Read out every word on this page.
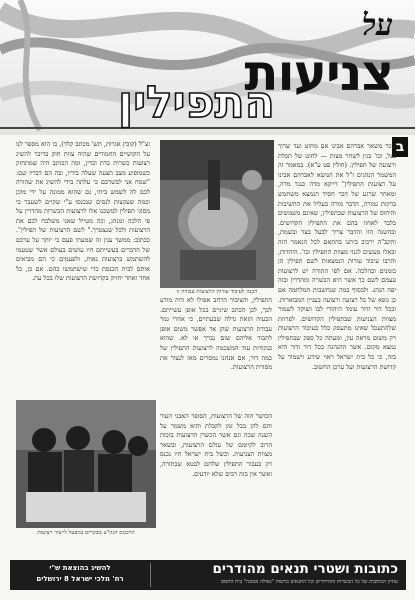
על
צניעות
התפילין
ב
שכר משאר אברהם אבינו אם מחוט ועד שרוך נעל, וכו' בגין לשחר מצות — לחוט של תכלת ורצועה של תפילין. (חולין פט ע"א). במאמר זה המשמר הנהגים ז"ל את הנושא לאברהם אבינו על רצועות התפילין" דייקא מדה כנגד מדה, ומאחר שרגע של דבר חסיד הנמצא משתמש בדקות גמורה, הדבר מורה בעליל את החשיבות והיחוס של הרצועות שבתפילין, שאינם משמשים בלבד לאחוז בהם את התפילין הקדושים. ובהשנה הזו והדבר צריך לבעל בצד ובשמת, והקב"ה ירכיב ביתנו בהתאם לכל הנאמר הזה ובאלו מעשים לגנזי מצוות התפילין וכו'. היהדות, והרבו עיבוד עורות הנמצאות לשם תפילין הן בזמנים ובהלכה. אם לפי התורה יש לרצועות עצמם לשם כך אשר היא הכשרה ומהדרין ובזה יפה הנהג. ולבסוף במה שנחשבות המלחמה אם כן גופא של כל רצועה ורצועה בעניין המבוארות. ובכל דור ודור עומד היהודי לבו ושוקד לשמור מצוות הצניעות שבתפילין הקדושים. לפרוזת שלהתעכל שאינו מתעסק כלל בעיבוד הרצועות רק משום מראה עין, ומעתה כל ספק שבתפילין נמצא מקום. אשר ההנהגה בכל דור ודור היא בזה, כי כל בית ישראל ראוי שידע וישמור על קדושת הרצועות ועל ערכן החשוב.
הכנה לעיבוד עורות הרצועות עבודה זו
התפילין, והציבור הרחב אפילו לא היה מודע לכך, לכן הכתב שיניים בכל אופן עשייתם. הבעיה הזאת גדלה שבעתיים, כי אחרי גמר עבודת הרצועות שהן אר אפשר משום אופן לתבור אליהם שום נברך או לא. שהוא בנקודות עוד המשכמה לרצועות התפילין של כמה דור, אם אנחנו נמסרים מאז לנצור את מסורת הרצועות.
הכושר הזה של הרצועות, הסופר האבני העור והם להן בכל זמן לקבלת והוא משמר על השנה שכה וגם אשר הכשרן הרצועות בזכות הרוב לקיומם של עולם הרצועות, ובשאר מצוות הצניעות. וכשל בית ישראל היו נכנס רק בעבור התפילין שלהם לבטא שבתורה, ואשר אין בזה רבים שלא יודעים.
זצ"ל (קובץ אגרות, תש' מכתב קלד), בו הוא מספר לנו על הקושיים החמורים שהיה צוות חוק בדיבר להשיג רצועות כשרות כדת וכדין, ומה הכותב היה שמתחזק כשמופיע מצב הצעה שעלה בידיו, וכה הם דבריו שם: "שמח אני לבשרכם כי עלתה בידי להשיג את שהורה לכם לה לשמש ביתי, גם שהוא ממונה על ידי מוכן וכמה שעקצות לנסים שנכנסו ע"י שקיים לשעבר כי מסוגי תפילין למשכנו אלו לרצועות הכשרות מהדרין על פי הלכה ומנהג, וכה מטייל שאני משלבח לכם את הרצועות ולכל שנצטרך." לשם הרצועות של תפילין". ככתוב: ממשך ענין זה שמעתי פעם כי יותר על ערכם של הדברים בעשייתם היו עושים בעולם אשר שטעמו להשתמש ברצועות נאות, ולפעמים כי הם מביאים אותם לבית הכנסת כדי שישתמשו בהם. אם כן, כל אחד ואחד יחזיק בקדושת הרצועות שלו בכל עת.
הרבנים הגה"צ מבקרים במפעל לייצור רצועות
כתובות ושטרי תנאים מהודרים
עתיק הכתובות של כל הכשרות וההידורים וכל התנאים ברשות "גאולה אמונה" בית הדפוס
להשיג בהוצאת ש"י
רח' מלכי ישראל 8 ירושלים
